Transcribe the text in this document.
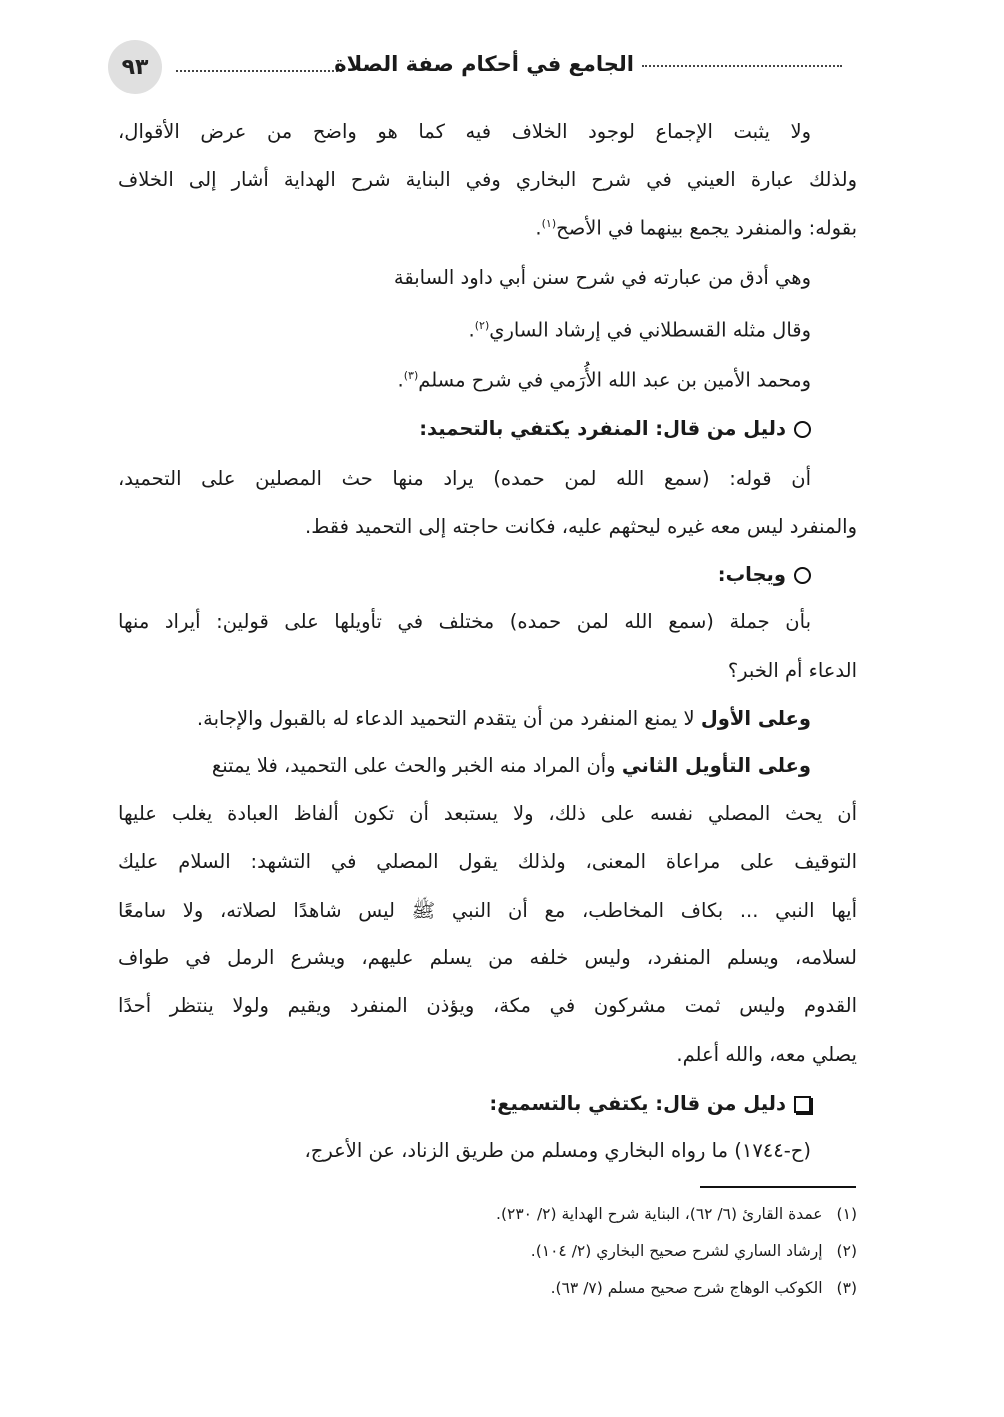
٩٣	الجامع في أحكام صفة الصلاة
ولا يثبت الإجماع لوجود الخلاف فيه كما هو واضح من عرض الأقوال،
ولذلك عبارة العيني في شرح البخاري وفي البناية شرح الهداية أشار إلى الخلاف
بقوله: والمنفرد يجمع بينهما في الأصح$^{(١)}$.
وهي أدق من عبارته في شرح سنن أبي داود السابقة
وقال مثله القسطلاني في إرشاد الساري$^{(٢)}$.
ومحمد الأمين بن عبد الله الأُرَمي في شرح مسلم$^{(٣)}$.
دليل من قال: المنفرد يكتفي بالتحميد:
أن قوله: (سمع الله لمن حمده) يراد منها حث المصلين على التحميد،
والمنفرد ليس معه غيره ليحثهم عليه، فكانت حاجته إلى التحميد فقط.
ويجاب:
بأن جملة (سمع الله لمن حمده) مختلف في تأويلها على قولين: أيراد منها
الدعاء أم الخبر؟
وعلى الأول لا يمنع المنفرد من أن يتقدم التحميد الدعاء له بالقبول والإجابة.
وعلى التأويل الثاني وأن المراد منه الخبر والحث على التحميد، فلا يمتنع
أن يحث المصلي نفسه على ذلك، ولا يستبعد أن تكون ألفاظ العبادة يغلب عليها
التوقيف على مراعاة المعنى، ولذلك يقول المصلي في التشهد: السلام عليك
أيها النبي ... بكاف المخاطب، مع أن النبي ﷺ ليس شاهدًا لصلاته، ولا سامعًا
لسلامه، ويسلم المنفرد، وليس خلفه من يسلم عليهم، ويشرع الرمل في طواف
القدوم وليس ثمت مشركون في مكة، ويؤذن المنفرد ويقيم ولولا ينتظر أحدًا
يصلي معه، والله أعلم.
دليل من قال: يكتفي بالتسميع:
(ح-١٧٤٤) ما رواه البخاري ومسلم من طريق الزناد، عن الأعرج،
(١)عمدة القارئ (٦/ ٦٢)، البناية شرح الهداية (٢/ ٢٣٠).
(٢)إرشاد الساري لشرح صحيح البخاري (٢/ ١٠٤).
(٣)الكوكب الوهاج شرح صحيح مسلم (٧/ ٦٣).
